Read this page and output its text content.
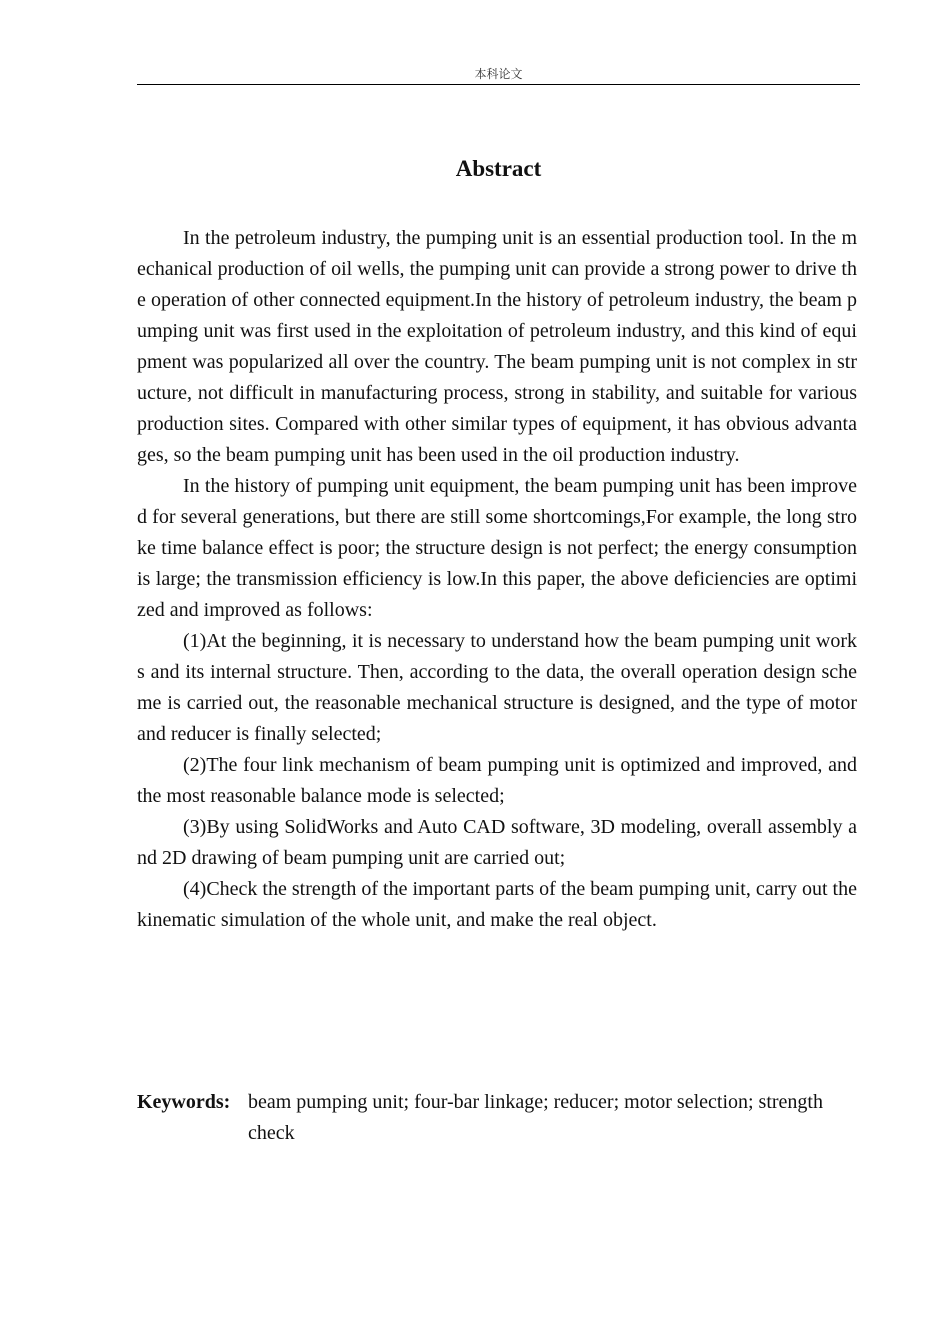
本科论文
Abstract

In the petroleum industry, the pumping unit is an essential production tool. In the mechanical production of oil wells, the pumping unit can provide a strong power to drive the operation of other connected equipment.In the history of petroleum industry, the beam pumping unit was first used in the exploitation of petroleum industry, and this kind of equipment was popularized all over the country. The beam pumping unit is not complex in structure, not difficult in manufacturing process, strong in stability, and suitable for various production sites. Compared with other similar types of equipment, it has obvious advantages, so the beam pumping unit has been used in the oil production industry.

In the history of pumping unit equipment, the beam pumping unit has been improved for several generations, but there are still some shortcomings,For example, the long stroke time balance effect is poor; the structure design is not perfect; the energy consumption is large; the transmission efficiency is low.In this paper, the above deficiencies are optimized and improved as follows:

(1)At the beginning, it is necessary to understand how the beam pumping unit works and its internal structure. Then, according to the data, the overall operation design scheme is carried out, the reasonable mechanical structure is designed, and the type of motor and reducer is finally selected;

(2)The four link mechanism of beam pumping unit is optimized and improved, and the most reasonable balance mode is selected;

(3)By using SolidWorks and Auto CAD software, 3D modeling, overall assembly and 2D drawing of beam pumping unit are carried out;

(4)Check the strength of the important parts of the beam pumping unit, carry out the kinematic simulation of the whole unit, and make the real object.

Keywords: beam pumping unit; four-bar linkage; reducer; motor selection; strength check
